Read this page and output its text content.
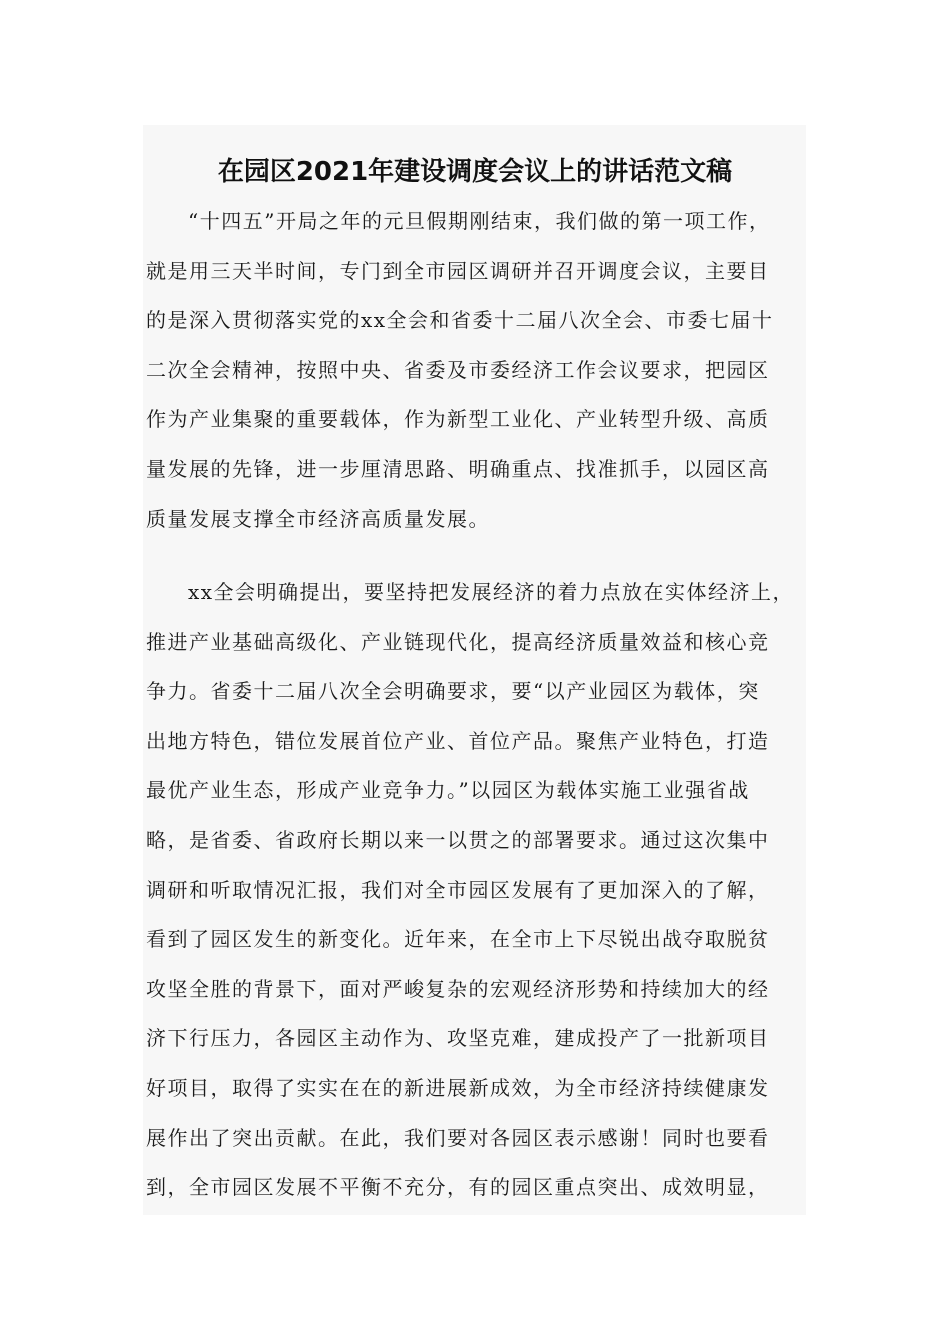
在园区2021年建设调度会议上的讲话范文稿
“十四五”开局之年的元旦假期刚结束，我们做的第一项工作，
就是用三天半时间，专门到全市园区调研并召开调度会议，主要目
的是深入贯彻落实党的xx全会和省委十二届八次全会、市委七届十
二次全会精神，按照中央、省委及市委经济工作会议要求，把园区
作为产业集聚的重要载体，作为新型工业化、产业转型升级、高质
量发展的先锋，进一步厘清思路、明确重点、找准抓手，以园区高
质量发展支撑全市经济高质量发展。
xx全会明确提出，要坚持把发展经济的着力点放在实体经济上，
推进产业基础高级化、产业链现代化，提高经济质量效益和核心竞
争力。省委十二届八次全会明确要求，要“以产业园区为载体，突
出地方特色，错位发展首位产业、首位产品。聚焦产业特色，打造
最优产业生态，形成产业竞争力。”以园区为载体实施工业强省战
略，是省委、省政府长期以来一以贯之的部署要求。通过这次集中
调研和听取情况汇报，我们对全市园区发展有了更加深入的了解，
看到了园区发生的新变化。近年来，在全市上下尽锐出战夺取脱贫
攻坚全胜的背景下，面对严峻复杂的宏观经济形势和持续加大的经
济下行压力，各园区主动作为、攻坚克难，建成投产了一批新项目
好项目，取得了实实在在的新进展新成效，为全市经济持续健康发
展作出了突出贡献。在此，我们要对各园区表示感谢！同时也要看
到，全市园区发展不平衡不充分，有的园区重点突出、成效明显，
